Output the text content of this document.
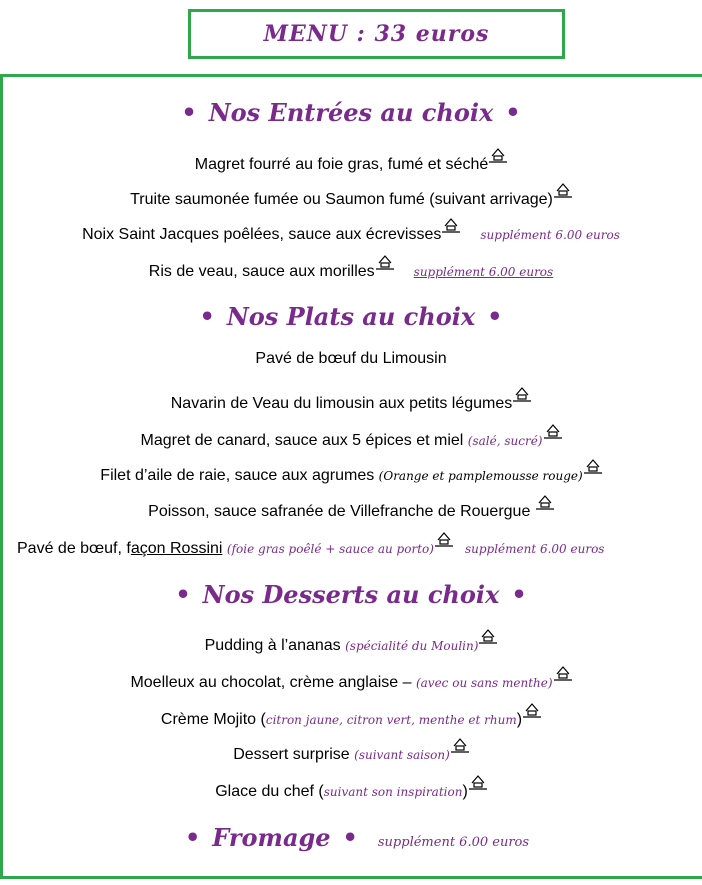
MENU : 33 euros
• Nos Entrées au choix •
Magret fourré au foie gras, fumé et séché
Truite saumonée fumée ou Saumon fumé (suivant arrivage)
Noix Saint Jacques poêlées, sauce aux écrevisses	supplément 6.00 euros
Ris de veau, sauce aux morilles	supplément 6.00 euros
• Nos Plats au choix •
Pavé de bœuf du Limousin
Navarin de Veau du limousin aux petits légumes
Magret de canard, sauce aux 5 épices et miel (salé, sucré)
Filet d’aile de raie, sauce aux agrumes (Orange et pamplemousse rouge)
Poisson, sauce safranée de Villefranche de Rouergue
Pavé de bœuf, façon Rossini (foie gras poêlé + sauce au porto)	supplément 6.00 euros
• Nos Desserts au choix •
Pudding à l’ananas (spécialité du Moulin)
Moelleux au chocolat, crème anglaise – (avec ou sans menthe)
Crème Mojito (citron jaune, citron vert, menthe et rhum)
Dessert surprise (suivant saison)
Glace du chef (suivant son inspiration)
• Fromage • supplément 6.00 euros
